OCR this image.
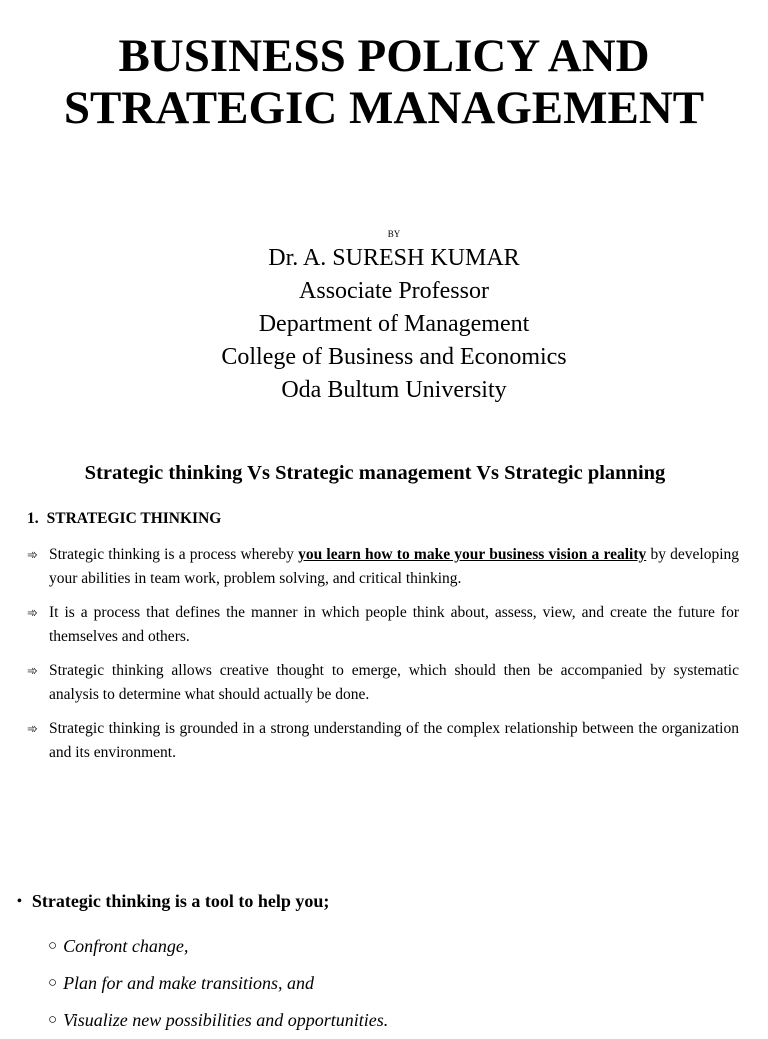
BUSINESS POLICY AND
STRATEGIC MANAGEMENT
BY
Dr. A. SURESH KUMAR
Associate Professor
Department of Management
College of Business and Economics
Oda Bultum University
Strategic thinking Vs Strategic management Vs Strategic planning
1. STRATEGIC THINKING
➾ Strategic thinking is a process whereby you learn how to make your business vision a reality by developing your abilities in team work, problem solving, and critical thinking.
➾ It is a process that defines the manner in which people think about, assess, view, and create the future for themselves and others.
➾ Strategic thinking allows creative thought to emerge, which should then be accompanied by systematic analysis to determine what should actually be done.
➾ Strategic thinking is grounded in a strong understanding of the complex relationship between the organization and its environment.
• Strategic thinking is a tool to help you;
○ Confront change,
○ Plan for and make transitions, and
○ Visualize new possibilities and opportunities.
